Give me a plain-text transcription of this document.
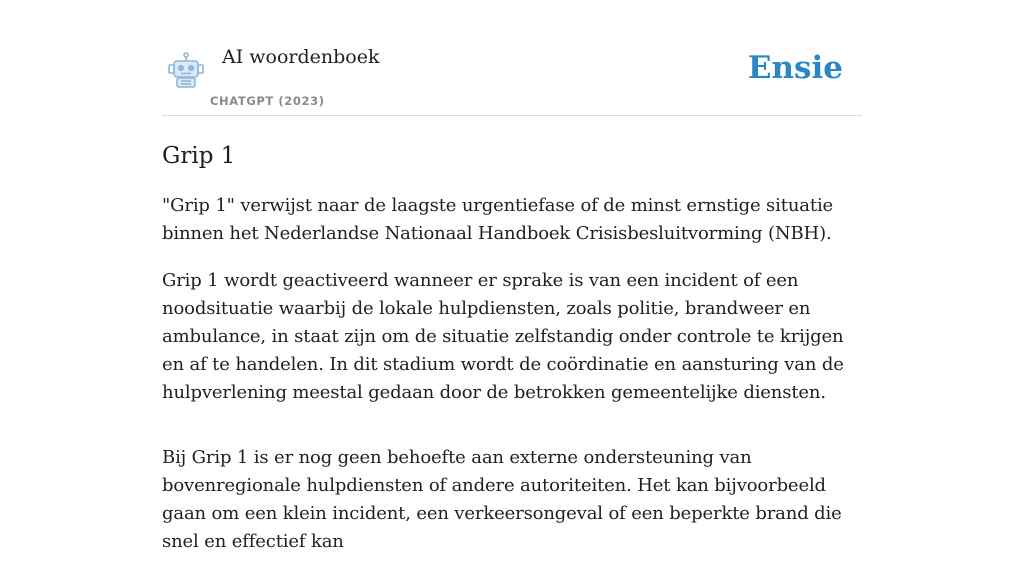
AI woordenboek
CHATGPT (2023)
Ensie
Grip 1

"Grip 1" verwijst naar de laagste urgentiefase of de minst ernstige situatie binnen het Nederlandse Nationaal Handboek Crisisbesluitvorming (NBH).

Grip 1 wordt geactiveerd wanneer er sprake is van een incident of een noodsituatie waarbij de lokale hulpdiensten, zoals politie, brandweer en ambulance, in staat zijn om de situatie zelfstandig onder controle te krijgen en af te handelen. In dit stadium wordt de coördinatie en aansturing van de hulpverlening meestal gedaan door de betrokken gemeentelijke diensten.

Bij Grip 1 is er nog geen behoefte aan externe ondersteuning van bovenregionale hulpdiensten of andere autoriteiten. Het kan bijvoorbeeld gaan om een klein incident, een verkeersongeval of een beperkte brand die snel en effectief kan
